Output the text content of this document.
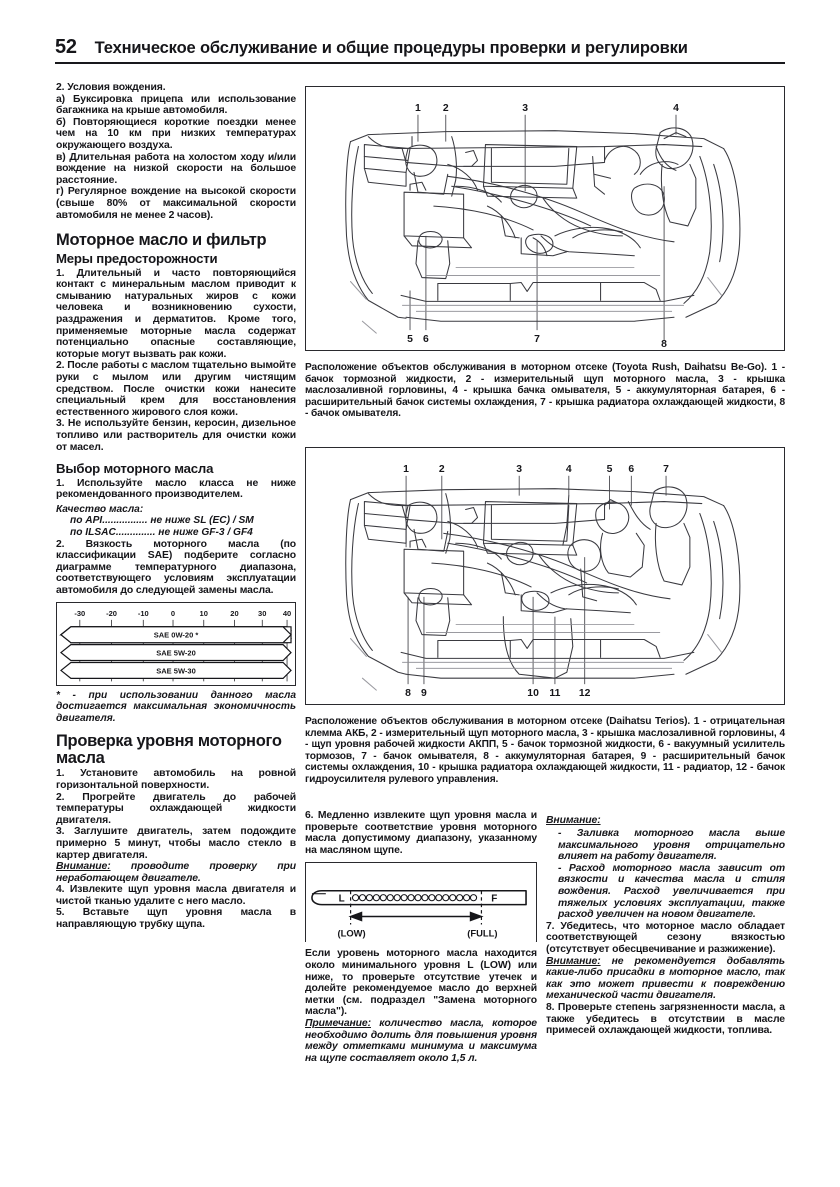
52 Техническое обслуживание и общие процедуры проверки и регулировки
2. Условия вождения.
а) Буксировка прицепа или использование багажника на крыше автомобиля.
б) Повторяющиеся короткие поездки менее чем на 10 км при низких температурах окружающего воздуха.
в) Длительная работа на холостом ходу и/или вождение на низкой скорости на большое расстояние.
г) Регулярное вождение на высокой скорости (свыше 80% от максимальной скорости автомобиля не менее 2 часов).
Моторное масло и фильтр
Меры предосторожности
1. Длительный и часто повторяющийся контакт с минеральным маслом приводит к смыванию натуральных жиров с кожи человека и возникновению сухости, раздражения и дерматитов. Кроме того, применяемые моторные масла содержат потенциально опасные составляющие, которые могут вызвать рак кожи.
2. После работы с маслом тщательно вымойте руки с мылом или другим чистящим средством. После очистки кожи нанесите специальный крем для восстановления естественного жирового слоя кожи.
3. Не используйте бензин, керосин, дизельное топливо или растворитель для очистки кожи от масел.
Выбор моторного масла
1. Используйте масло класса не ниже рекомендованного производителем.
Качество масла:
по API................ не ниже SL (EC) / SM
по ILSAC.............. не ниже GF-3 / GF4
2. Вязкость моторного масла (по классификации SAE) подберите согласно диаграмме температурного диапазона, соответствующего условиям эксплуатации автомобиля до следующей замены масла.
-30	-20	-10	0	10	20	30 40
SAE 0W-20 *
SAE 5W-20
SAE 5W-30
* - при использовании данного масла достигается максимальная экономичность двигателя.
Проверка уровня моторного масла
1. Установите автомобиль на ровной горизонтальной поверхности.
2. Прогрейте двигатель до рабочей температуры охлаждающей жидкости двигателя.
3. Заглушите двигатель, затем подождите примерно 5 минут, чтобы масло стекло в картер двигателя.
Внимание: проводите проверку при неработающем двигателе.
4. Извлеките щуп уровня масла двигателя и чистой тканью удалите с него масло.
5. Вставьте щуп уровня масла в направляющую трубку щупа.
1 2	3	4
5 6	7	8
Расположение объектов обслуживания в моторном отсеке (Toyota Rush, Daihatsu Be-Go). 1 - бачок тормозной жидкости, 2 - измерительный щуп моторного масла, 3 - крышка маслозаливной горловины, 4 - крышка бачка омывателя, 5 - аккумуляторная батарея, 6 - расширительный бачок системы охлаждения, 7 - крышка радиатора охлаждающей жидкости, 8 - бачок омывателя.
1	2	3	4	5 6	7
8 9	10 11 12
Расположение объектов обслуживания в моторном отсеке (Daihatsu Terios). 1 - отрицательная клемма АКБ, 2 - измерительный щуп моторного масла, 3 - крышка маслозаливной горловины, 4 - щуп уровня рабочей жидкости АКПП, 5 - бачок тормозной жидкости, 6 - вакуумный усилитель тормозов, 7 - бачок омывателя, 8 - аккумуляторная батарея, 9 - расширительный бачок системы охлаждения, 10 - крышка радиатора охлаждающей жидкости, 11 - радиатор, 12 - бачок гидроусилителя рулевого управления.
6. Медленно извлеките щуп уровня масла и проверьте соответствие уровня моторного масла допустимому диапазону, указанному на масляном щупе.
L	F
(LOW)	(FULL)
Если уровень моторного масла находится около минимального уровня L (LOW) или ниже, то проверьте отсутствие утечек и долейте рекомендуемое масло до верхней метки (см. подраздел "Замена моторного масла").
Примечание: количество масла, которое необходимо долить для повышения уровня между отметками минимума и максимума на щупе составляет около 1,5 л.
Внимание:
- Заливка моторного масла выше максимального уровня отрицательно влияет на работу двигателя.
- Расход моторного масла зависит от вязкости и качества масла и стиля вождения. Расход увеличивается при тяжелых условиях эксплуатации, также расход увеличен на новом двигателе.
7. Убедитесь, что моторное масло обладает соответствующей сезону вязкостью (отсутствует обесцвечивание и разжижение).
Внимание: не рекомендуется добавлять какие-либо присадки в моторное масло, так как это может привести к повреждению механической части двигателя.
8. Проверьте степень загрязненности масла, а также убедитесь в отсутствии в масле примесей охлаждающей жидкости, топлива.
